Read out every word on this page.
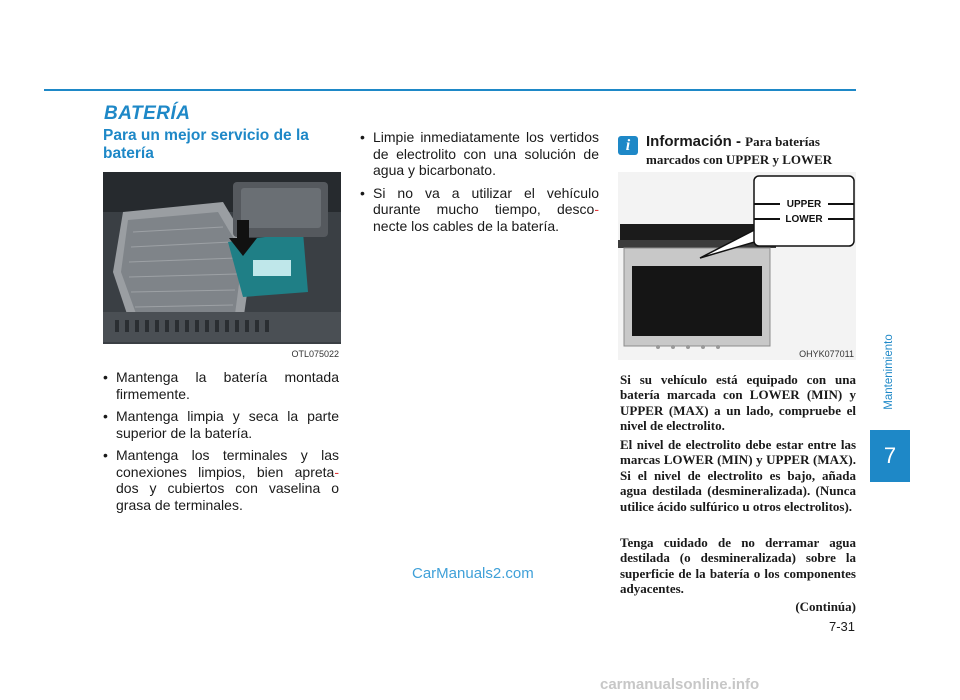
BATERÍA
Para un mejor servicio de la batería
OTL075022
• Mantenga la batería montada firmemente.
• Mantenga limpia y seca la parte superior de la batería.
• Mantenga los terminales y las conexiones limpios, bien apreta- dos y cubiertos con vaselina o grasa de terminales.
• Limpie inmediatamente los vertidos de electrolito con una solución de agua y bicarbonato.
• Si no va a utilizar el vehículo durante mucho tiempo, desco- necte los cables de la batería.
i	Información - Para baterías
marcados con UPPER y LOWER
UPPER
LOWER
OHYK077011

Si su vehículo está equipado con una batería marcada con LOWER (MIN) y UPPER (MAX) a un lado, compruebe el nivel de electrolito.

El nivel de electrolito debe estar entre las marcas LOWER (MIN) y UPPER (MAX). Si el nivel de electrolito es bajo, añada agua destilada (desmineralizada). (Nunca utilice ácido sulfúrico u otros electrolitos).

Tenga cuidado de no derramar agua destilada (o desmineralizada) sobre la superficie de la batería o los componentes adyacentes.

(Continúa)
CarManuals2.com
7-31
carmanualsonline.info
Mantenimiento
7
